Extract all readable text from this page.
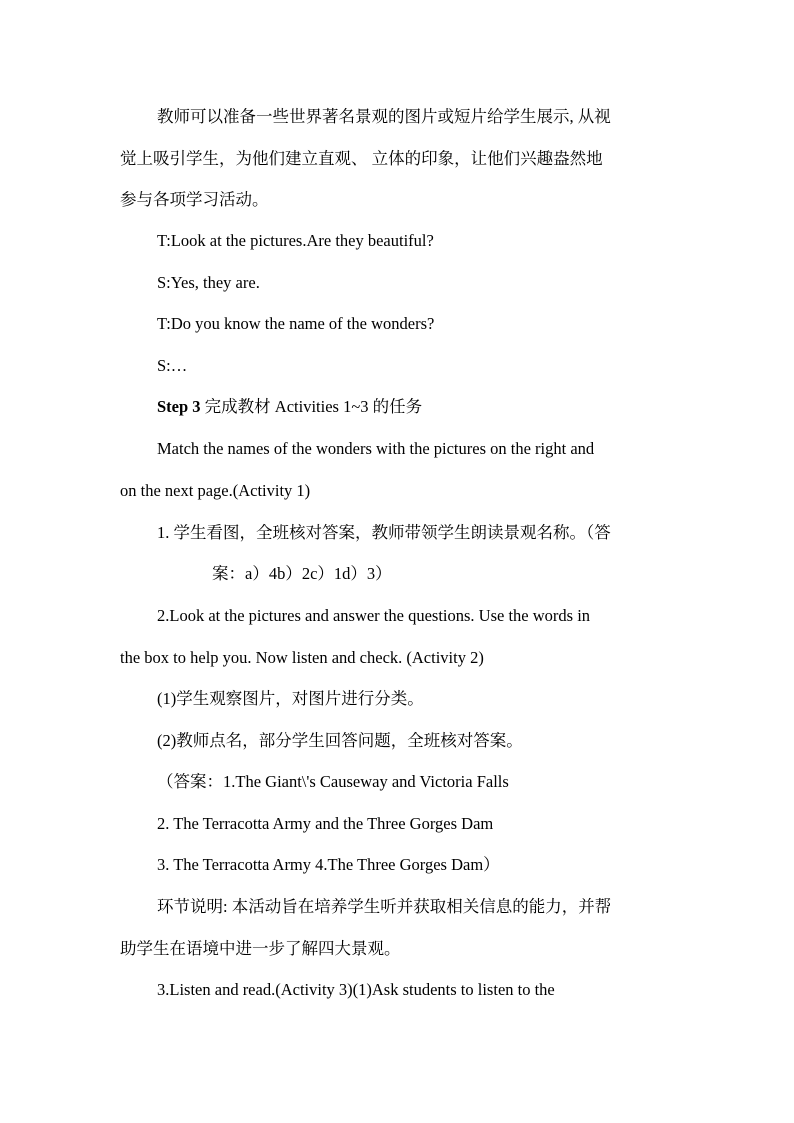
教师可以准备一些世界著名景观的图片或短片给学生展示, 从视
觉上吸引学生，为他们建立直观、 立体的印象，让他们兴趣盎然地
参与各项学习活动。
T:Look at the pictures.Are they beautiful?
S:Yes, they are.
T:Do you know the name of the wonders?
S:…
Step 3 完成教材 Activities 1~3 的任务
Match the names of the wonders with the pictures on the right and
on the next page.(Activity 1)
1. 学生看图，全班核对答案，教师带领学生朗读景观名称。（答
案：a）4b）2c）1d）3）
2.Look at the pictures and answer the questions. Use the words in
the box to help you. Now listen and check. (Activity 2)
(1)学生观察图片，对图片进行分类。
(2)教师点名，部分学生回答问题，全班核对答案。
（答案：1.The Giant\'s Causeway and Victoria Falls
2. The Terracotta Army and the Three Gorges Dam
3. The Terracotta Army 4.The Three Gorges Dam）
环节说明: 本活动旨在培养学生听并获取相关信息的能力，并帮
助学生在语境中进一步了解四大景观。
3.Listen and read.(Activity 3)(1)Ask students to listen to the
